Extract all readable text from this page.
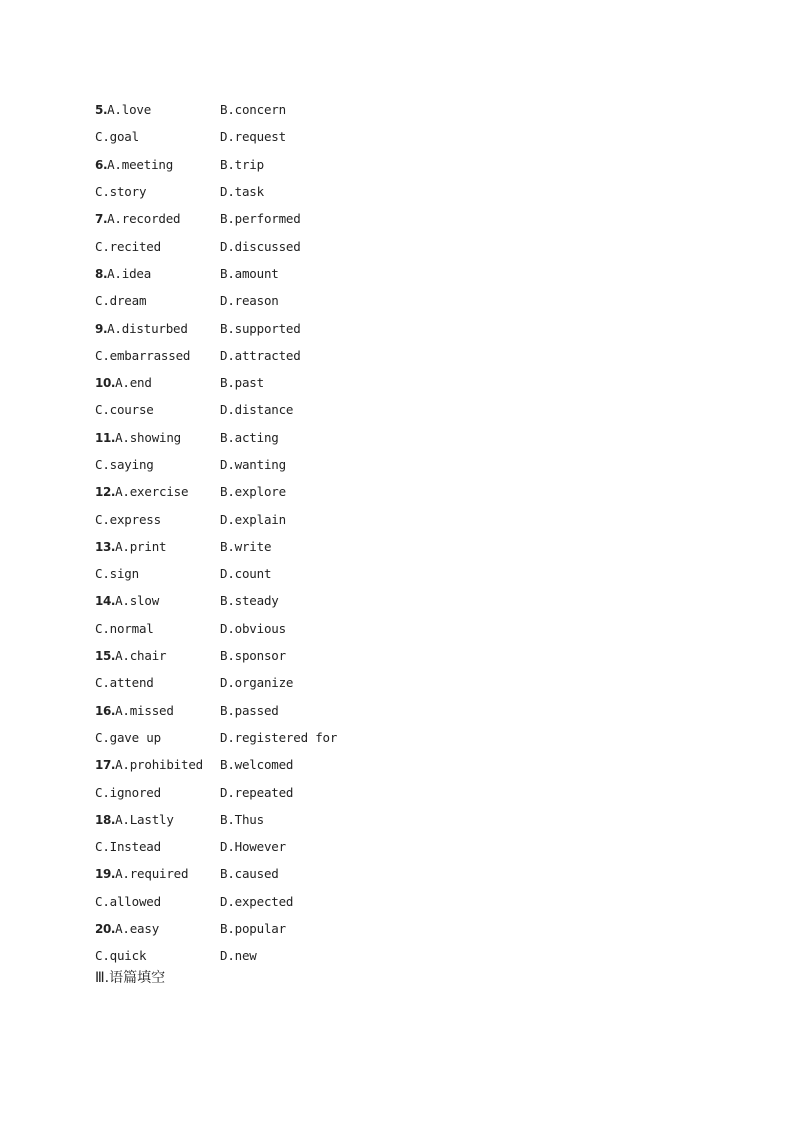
5.A.love	B.concern
C.goal	D.request
6.A.meeting	B.trip
C.story	D.task
7.A.recorded	B.performed
C.recited	D.discussed
8.A.idea	B.amount
C.dream	D.reason
9.A.disturbed	B.supported
C.embarrassed	D.attracted
10.A.end	B.past
C.course	D.distance
11.A.showing	B.acting
C.saying	D.wanting
12.A.exercise	B.explore
C.express	D.explain
13.A.print	B.write
C.sign	D.count
14.A.slow	B.steady
C.normal	D.obvious
15.A.chair	B.sponsor
C.attend	D.organize
16.A.missed	B.passed
C.gave up	D.registered for
17.A.prohibited	B.welcomed
C.ignored	D.repeated
18.A.Lastly	B.Thus
C.Instead	D.However
19.A.required	B.caused
C.allowed	D.expected
20.A.easy	B.popular
C.quick	D.new
Ⅲ.语篇填空
